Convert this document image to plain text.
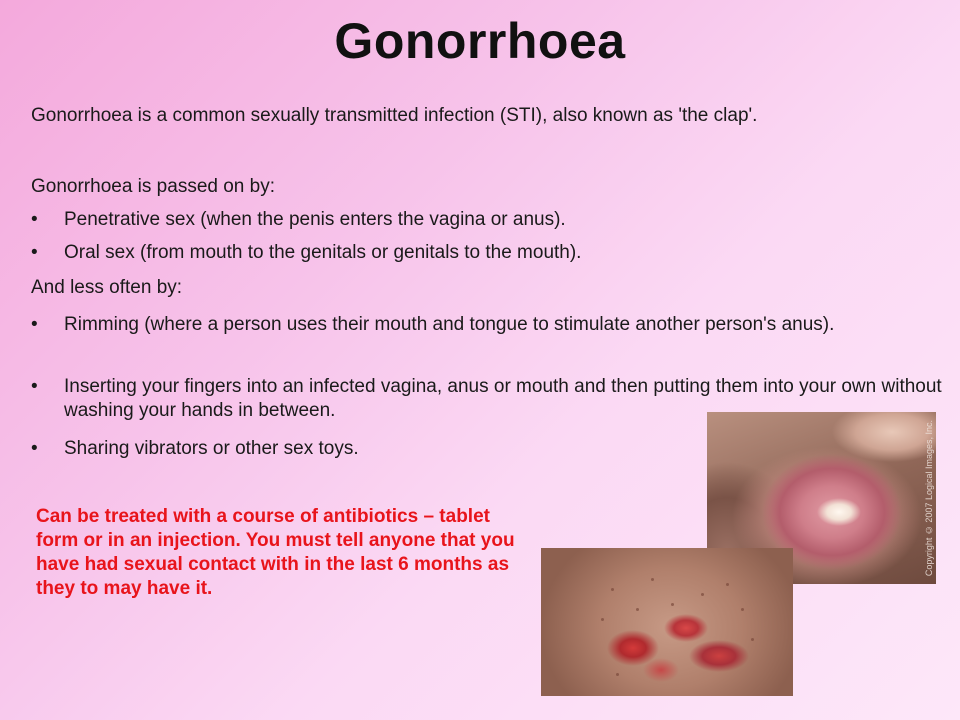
Gonorrhoea
Gonorrhoea is a common sexually transmitted infection (STI), also known as 'the clap'.
Gonorrhoea is passed on by:
• Penetrative sex (when the penis enters the vagina or anus).
• Oral sex (from mouth to the genitals or genitals to the mouth).
And less often by:
• Rimming (where a person uses their mouth and tongue to stimulate another person's anus).
• Inserting your fingers into an infected vagina, anus or mouth and then putting them into your own without washing your hands in between.
• Sharing vibrators or other sex toys.	Copyright © 2007 Logical Images, Inc.
Can be treated with a course of antibiotics – tablet form or in an injection. You must tell anyone that you have had sexual contact with in the last 6 months as they to may have it.
